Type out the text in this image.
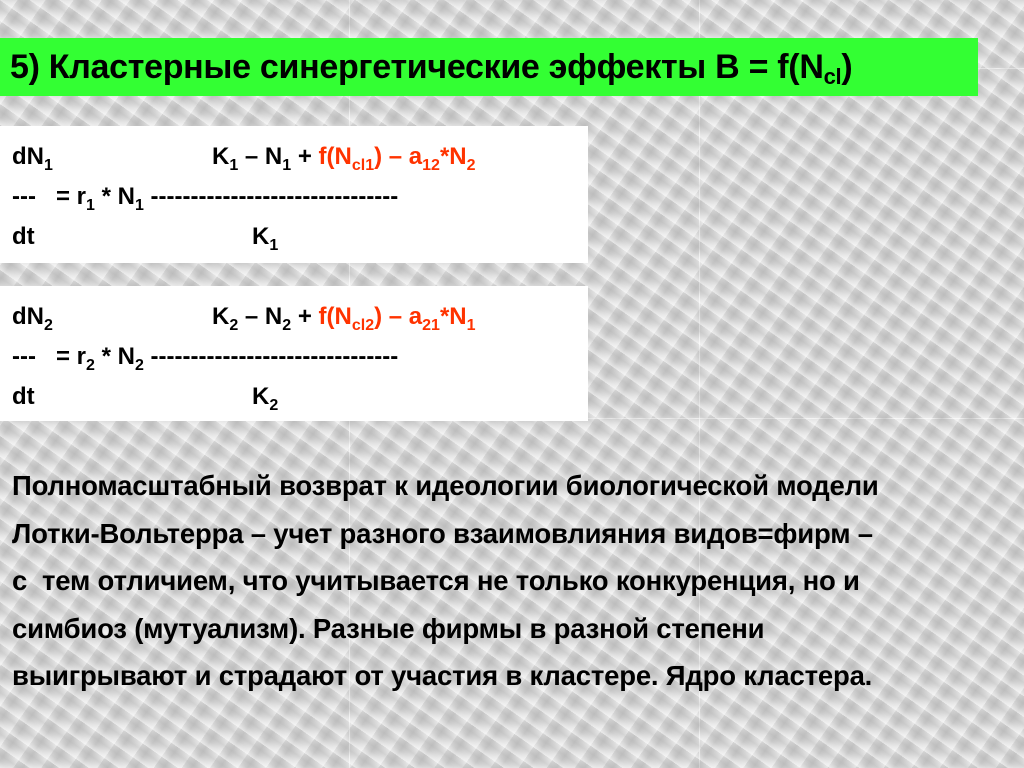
5) Кластерные синергетические эффекты $B = f(N_{cl})$
$dN_1$	$K_1 - N_1 + f(N_{cl1}) - a_{12}*N_2$
--- = $r_1 * N_1$ -------------------------------
dt	$K_1$
$dN_2$	$K_2 - N_2 + f(N_{cl2}) - a_{21}*N_1$
--- = $r_2 * N_2$ -------------------------------
dt	$K_2$
Полномасштабный возврат к идеологии биологической модели
Лотки-Вольтерра – учет разного взаимовлияния видов=фирм –
с  тем отличием, что учитывается не только конкуренция, но и
симбиоз (мутуализм). Разные фирмы в разной степени
выигрывают и страдают от участия в кластере. Ядро кластера.
